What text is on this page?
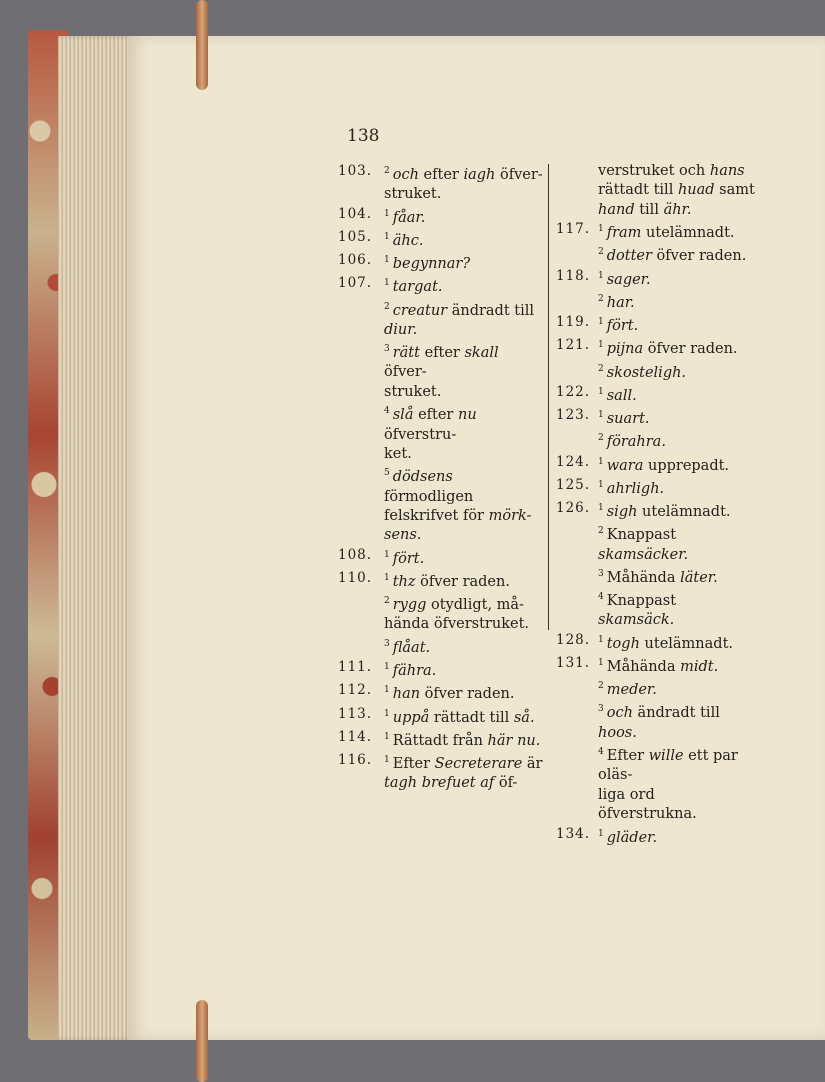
138
103.	$^2$ och efter iagh öfver-
struket.
104.	$^1$ fåar.
105.	$^1$ ähc.
106.	$^1$ begynnar?
107.	$^1$ targat.
$^2$ creatur ändradt till
diur.
$^3$ rätt efter skall öfver-
struket.
$^4$ slå efter nu öfverstru-
ket.
$^5$ dödsens förmodligen
felskrifvet för mörk-
sens.
108.	$^1$ fört.
110.	$^1$ thz öfver raden.
$^2$ rygg otydligt, må-
hända öfverstruket.
$^3$ flåat.
111.	$^1$ fähra.
112.	$^1$ han öfver raden.
113.	$^1$ uppå rättadt till så.
114.	$^1$ Rättadt från här nu.
116.	$^1$ Efter Secreterare är
tagh brefuet af öf-
verstruket och hans
rättadt till huad samt
hand till ähr.
117. $^1$ fram utelämnadt.
$^2$ dotter öfver raden.
118. $^1$ sager.
$^2$ har.
119. $^1$ fört.
121. $^1$ pijna öfver raden.
$^2$ skosteligh.
122. $^1$ sall.
123. $^1$ suart.
$^2$ förahra.
124. $^1$ wara upprepadt.
125. $^1$ ahrligh.
126. $^1$ sigh utelämnadt.
$^2$ Knappast skamsäcker.
$^3$ Måhända läter.
$^4$ Knappast skamsäck.
128. $^1$ togh utelämnadt.
131. $^1$ Måhända midt.
$^2$ meder.
$^3$ och ändradt till hoos.
$^4$ Efter wille ett par oläs-
liga ord öfverstrukna.
134. $^1$ gläder.
